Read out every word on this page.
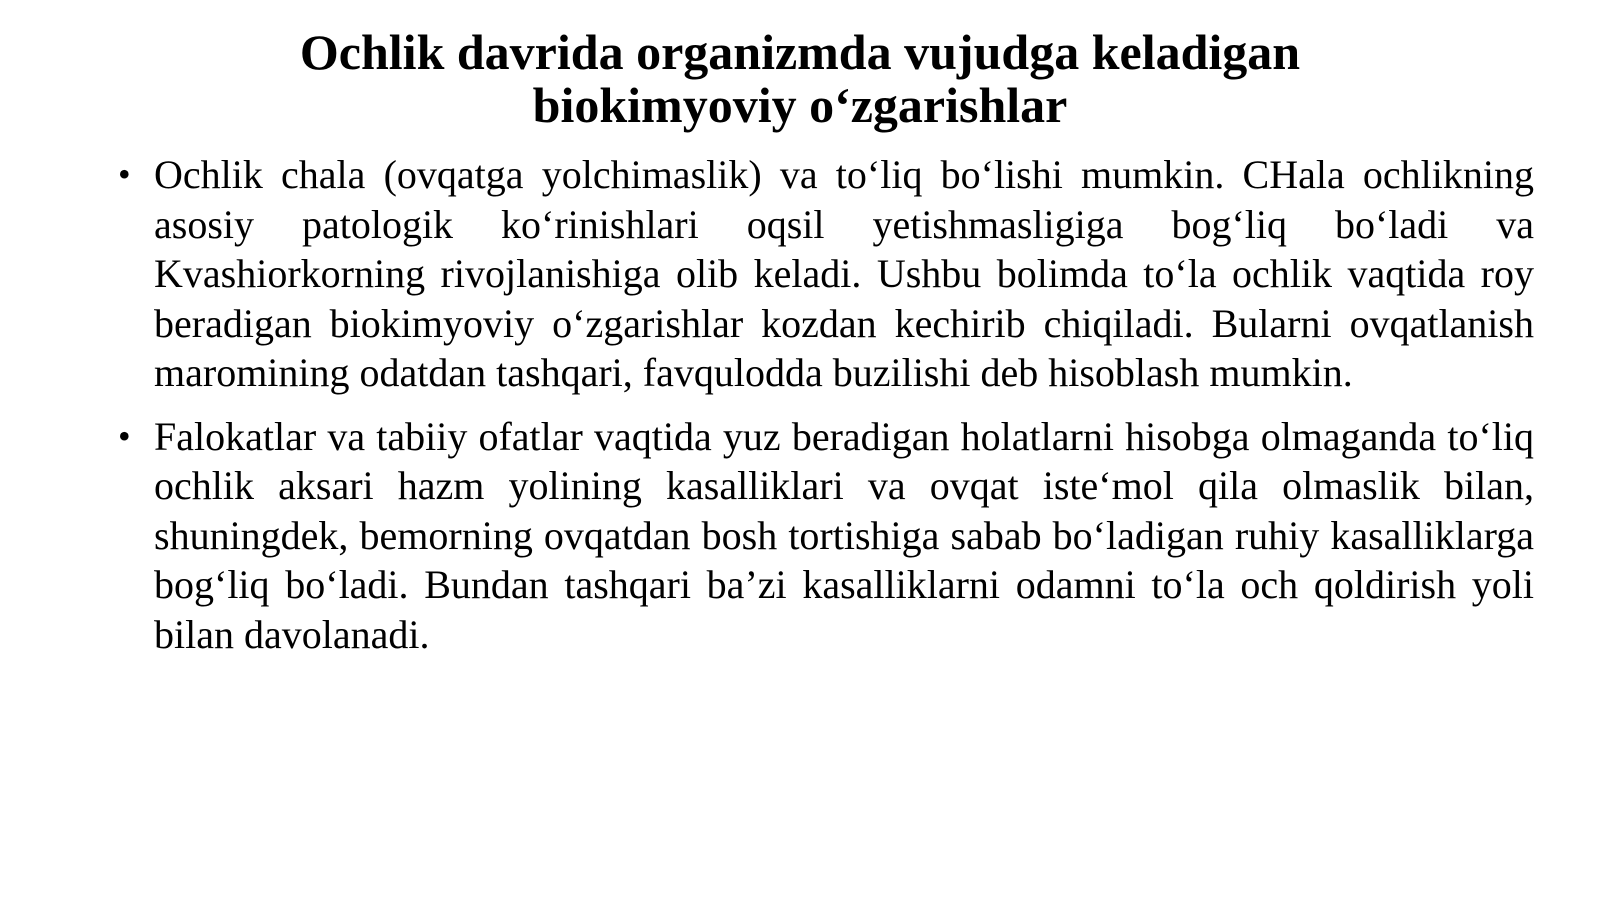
Ochlik davrida organizmda vujudga keladigan
biokimyoviy o‘zgarishlar
• Ochlik chala (ovqatga yolchimaslik) va to‘liq bo‘lishi mumkin. CHala ochlikning asosiy patologik ko‘rinishlari oqsil yetishmasligiga bog‘liq bo‘ladi va Kvashiorkorning rivojlanishiga olib keladi. Ushbu bolimda to‘la ochlik vaqtida roy beradigan biokimyoviy o‘zgarishlar kozdan kechirib chiqiladi. Bularni ovqatlanish maromining odatdan tashqari, favqulodda buzilishi deb hisoblash mumkin.
• Falokatlar va tabiiy ofatlar vaqtida yuz beradigan holatlarni hisobga olmaganda to‘liq ochlik aksari hazm yolining kasalliklari va ovqat iste‘mol qila olmaslik bilan, shuningdek, bemorning ovqatdan bosh tortishiga sabab bo‘ladigan ruhiy kasalliklarga bog‘liq bo‘ladi. Bundan tashqari ba’zi kasalliklarni odamni to‘la och qoldirish yoli bilan davolanadi.
